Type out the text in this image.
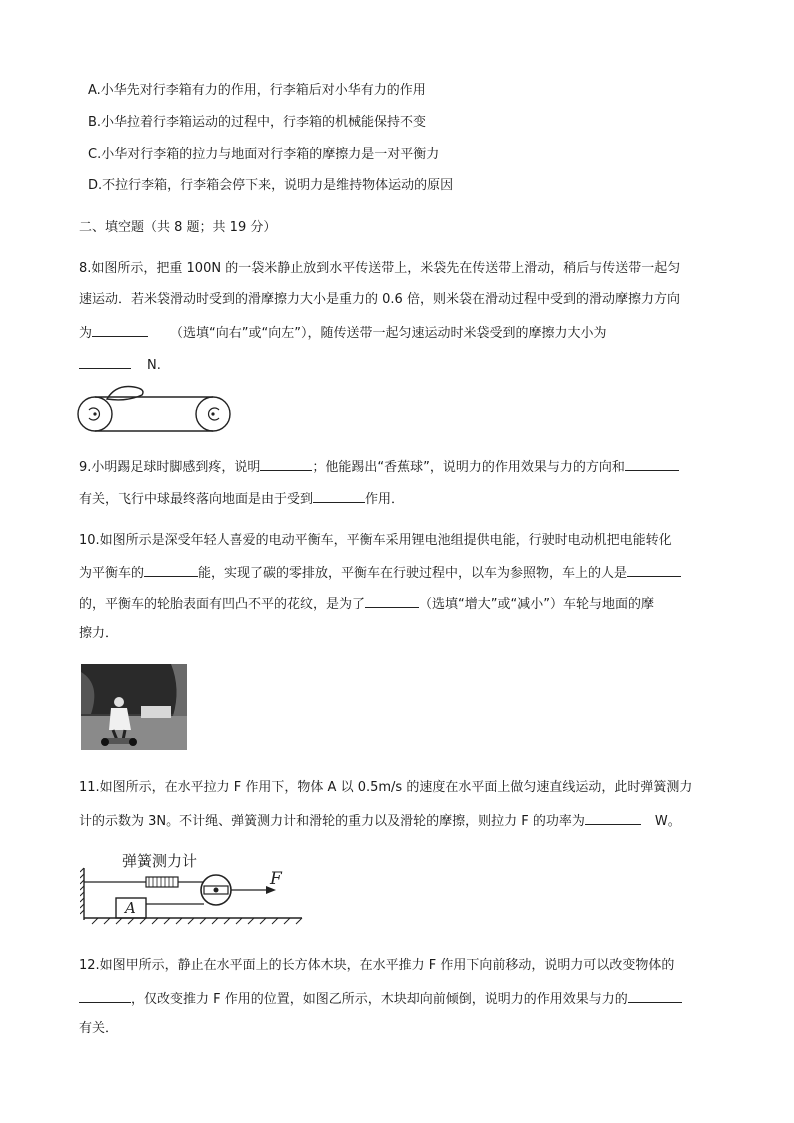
A.小华先对行李箱有力的作用，行李箱后对小华有力的作用
B.小华拉着行李箱运动的过程中，行李箱的机械能保持不变
C.小华对行李箱的拉力与地面对行李箱的摩擦力是一对平衡力
D.不拉行李箱，行李箱会停下来，说明力是维持物体运动的原因
二、填空题（共 8 题；共 19 分）
8.如图所示，把重 100N 的一袋米静止放到水平传送带上，米袋先在传送带上滑动，稍后与传送带一起匀
速运动．若米袋滑动时受到的滑摩擦力大小是重力的 0.6 倍，则米袋在滑动过程中受到的滑动摩擦力方向
为	（选填“向右”或“向左”），随传送带一起匀速运动时米袋受到的摩擦力大小为
N.
9.小明踢足球时脚感到疼，说明	；他能踢出“香蕉球”，说明力的作用效果与力的方向和
有关，飞行中球最终落向地面是由于受到	作用．
10.如图所示是深受年轻人喜爱的电动平衡车，平衡车采用锂电池组提供电能，行驶时电动机把电能转化
为平衡车的	能，实现了碳的零排放，平衡车在行驶过程中，以车为参照物，车上的人是
的，平衡车的轮胎表面有凹凸不平的花纹，是为了	（选填“增大”或“减小”）车轮与地面的摩
擦力．
11.如图所示，在水平拉力 F 作用下，物体 A 以 0.5m/s 的速度在水平面上做匀速直线运动，此时弹簧测力
计的示数为 3N。不计绳、弹簧测力计和滑轮的重力以及滑轮的摩擦，则拉力 F 的功率为	W。
弹簧测力计
F
A
12.如图甲所示，静止在水平面上的长方体木块，在水平推力 F 作用下向前移动，说明力可以改变物体的
，仅改变推力 F 作用的位置，如图乙所示，木块却向前倾倒，说明力的作用效果与力的
有关．
